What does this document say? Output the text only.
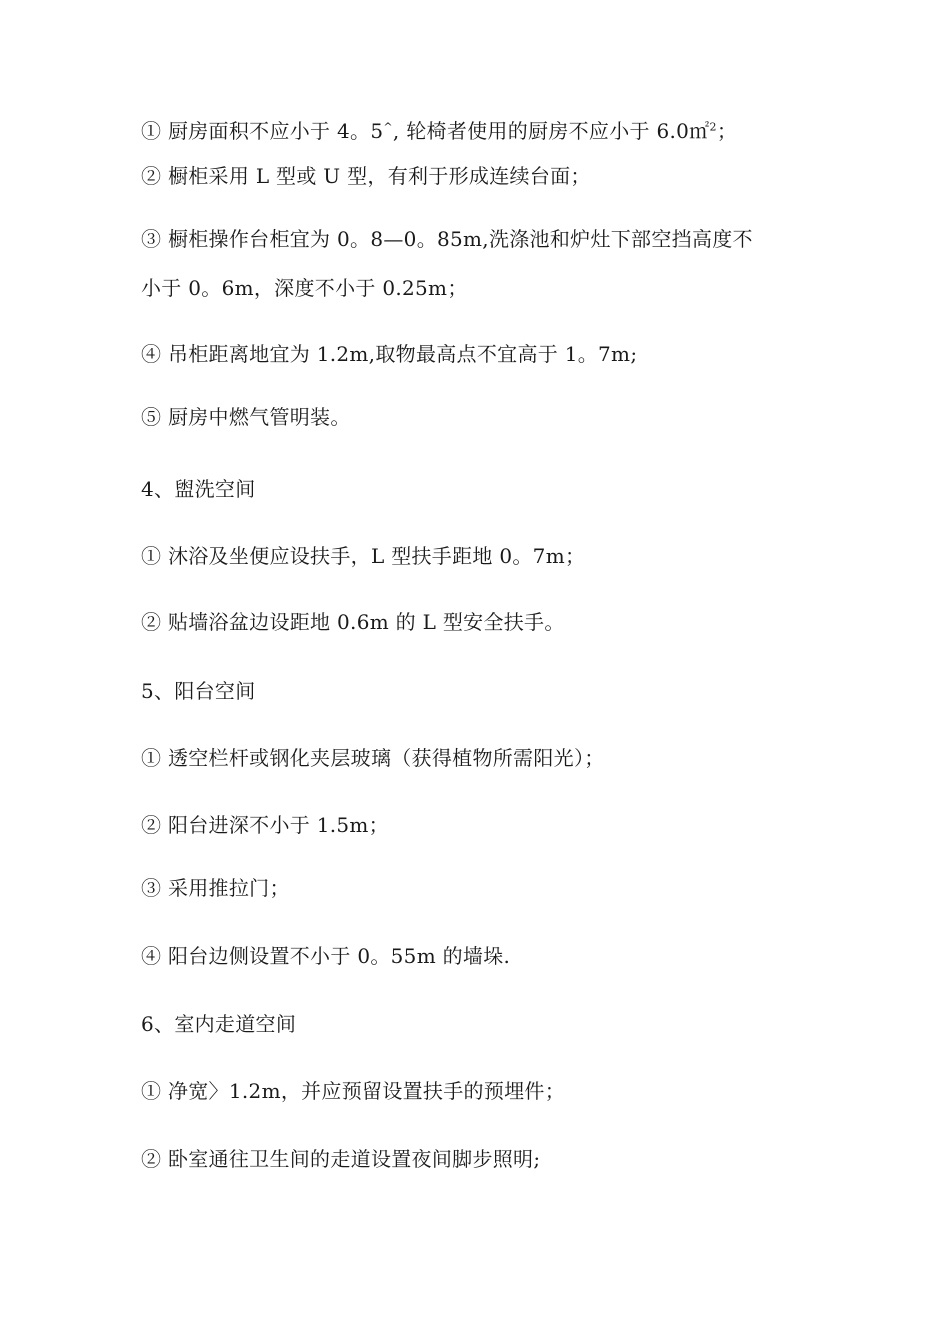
① 厨房面积不应小于 4。5^, 轮椅者使用的厨房不应小于 6.0㎡$^2$；
② 橱柜采用 L 型或 U 型，有利于形成连续台面；
③ 橱柜操作台柜宜为 0。8—0。85m,洗涤池和炉灶下部空挡高度不
小于 0。6m，深度不小于 0.25m；
④ 吊柜距离地宜为 1.2m,取物最高点不宜高于 1。7m;
⑤ 厨房中燃气管明装。
4、盥洗空间
① 沐浴及坐便应设扶手，L 型扶手距地 0。7m；
② 贴墙浴盆边设距地 0.6m 的 L 型安全扶手。
5、阳台空间
① 透空栏杆或钢化夹层玻璃（获得植物所需阳光）；
② 阳台进深不小于 1.5m；
③ 采用推拉门；
④ 阳台边侧设置不小于 0。55m 的墙垛.
6、室内走道空间
① 净宽〉1.2m，并应预留设置扶手的预埋件；
② 卧室通往卫生间的走道设置夜间脚步照明;
